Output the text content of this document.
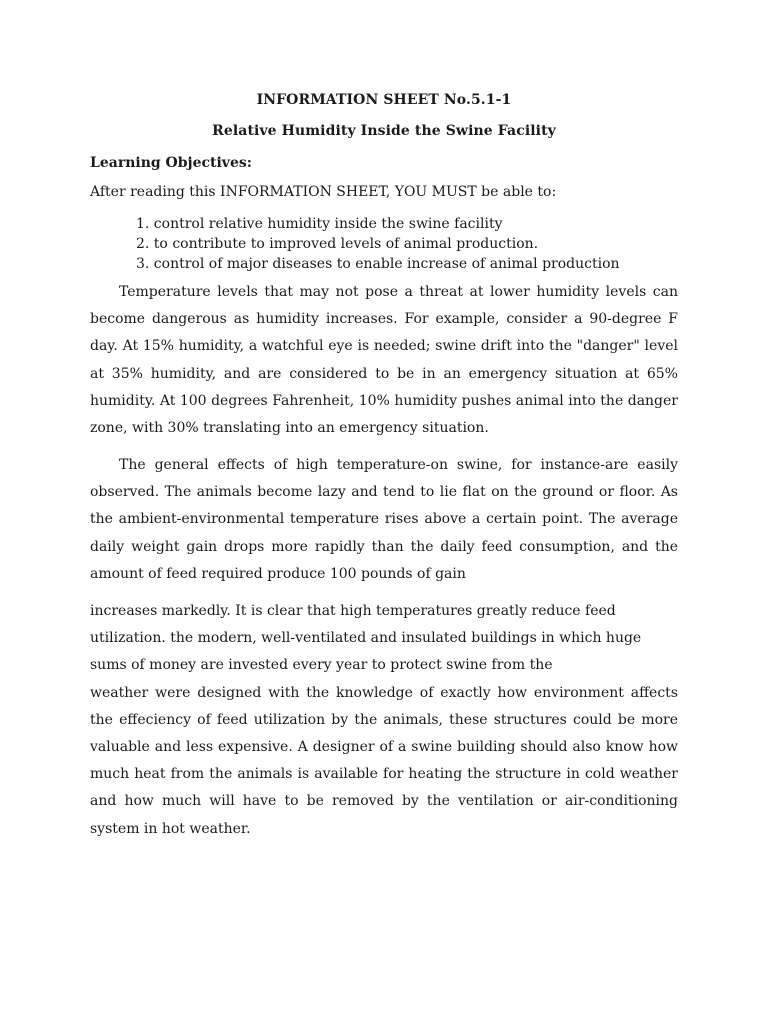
INFORMATION SHEET No.5.1-1
Relative Humidity Inside the Swine Facility
Learning Objectives:
After reading this INFORMATION SHEET, YOU MUST be able to:
1. control relative humidity inside the swine facility
2. to contribute to improved levels of animal production.
3. control of major diseases to enable increase of animal production

Temperature levels that may not pose a threat at lower humidity levels can become dangerous as humidity increases. For example, consider a 90-degree F day. At 15% humidity, a watchful eye is needed; swine drift into the "danger" level at 35% humidity, and are considered to be in an emergency situation at 65% humidity. At 100 degrees Fahrenheit, 10% humidity pushes animal into the danger zone, with 30% translating into an emergency situation.

The general effects of high temperature-on swine, for instance-are easily observed. The animals become lazy and tend to lie flat on the ground or floor. As the ambient-environmental temperature rises above a certain point. The average daily weight gain drops more rapidly than the daily feed consumption, and the amount of feed required produce 100 pounds of gain

increases markedly. It is clear that high temperatures greatly reduce feed utilization. the modern, well-ventilated and insulated buildings in which huge sums of money are invested every year to protect swine from the
weather were designed with the knowledge of exactly how environment affects the effeciency of feed utilization by the animals, these structures could be more valuable and less expensive. A designer of a swine building should also know how much heat from the animals is available for heating the structure in cold weather and how much will have to be removed by the ventilation or air-conditioning system in hot weather.
